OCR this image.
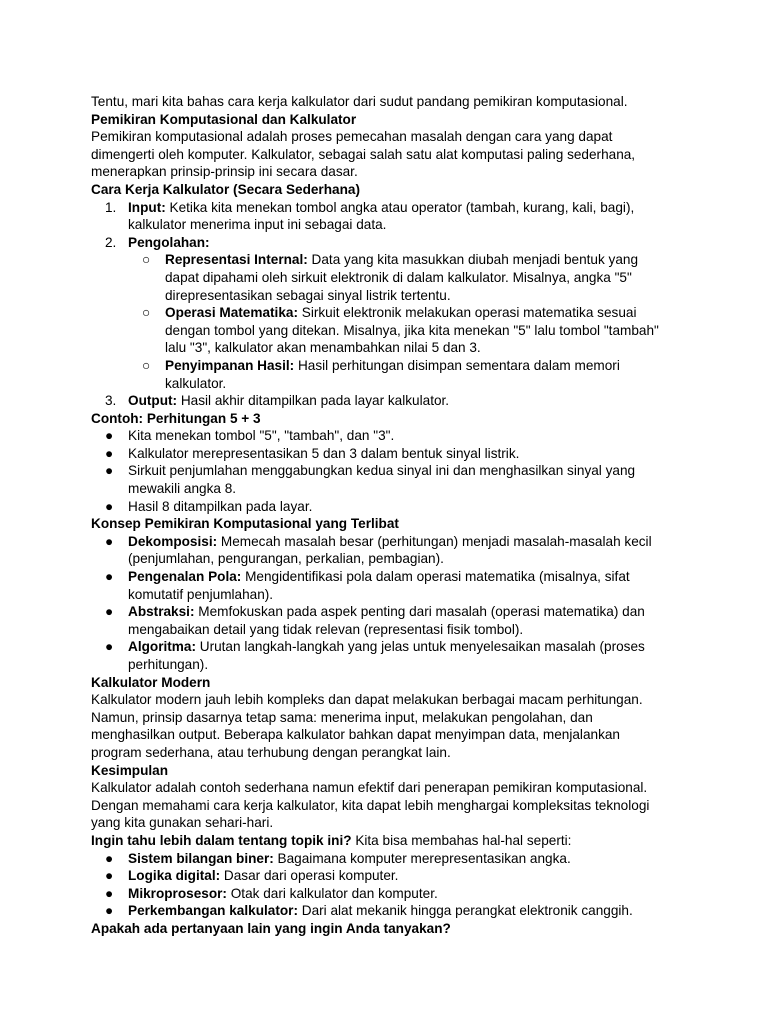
Tentu, mari kita bahas cara kerja kalkulator dari sudut pandang pemikiran komputasional.

Pemikiran Komputasional dan Kalkulator

Pemikiran komputasional adalah proses pemecahan masalah dengan cara yang dapat

dimengerti oleh komputer. Kalkulator, sebagai salah satu alat komputasi paling sederhana,

menerapkan prinsip-prinsip ini secara dasar.

Cara Kerja Kalkulator (Secara Sederhana)

1. Input: Ketika kita menekan tombol angka atau operator (tambah, kurang, kali, bagi),

kalkulator menerima input ini sebagai data.

2. Pengolahan:

○ Representasi Internal: Data yang kita masukkan diubah menjadi bentuk yang

dapat dipahami oleh sirkuit elektronik di dalam kalkulator. Misalnya, angka "5"

direpresentasikan sebagai sinyal listrik tertentu.

○ Operasi Matematika: Sirkuit elektronik melakukan operasi matematika sesuai

dengan tombol yang ditekan. Misalnya, jika kita menekan "5" lalu tombol "tambah"

lalu "3", kalkulator akan menambahkan nilai 5 dan 3.

○ Penyimpanan Hasil: Hasil perhitungan disimpan sementara dalam memori

kalkulator.

3. Output: Hasil akhir ditampilkan pada layar kalkulator.

Contoh: Perhitungan 5 + 3

● Kita menekan tombol "5", "tambah", dan "3".

● Kalkulator merepresentasikan 5 dan 3 dalam bentuk sinyal listrik.

● Sirkuit penjumlahan menggabungkan kedua sinyal ini dan menghasilkan sinyal yang

mewakili angka 8.

● Hasil 8 ditampilkan pada layar.

Konsep Pemikiran Komputasional yang Terlibat

● Dekomposisi: Memecah masalah besar (perhitungan) menjadi masalah-masalah kecil

(penjumlahan, pengurangan, perkalian, pembagian).

● Pengenalan Pola: Mengidentifikasi pola dalam operasi matematika (misalnya, sifat

komutatif penjumlahan).

● Abstraksi: Memfokuskan pada aspek penting dari masalah (operasi matematika) dan

mengabaikan detail yang tidak relevan (representasi fisik tombol).

● Algoritma: Urutan langkah-langkah yang jelas untuk menyelesaikan masalah (proses

perhitungan).

Kalkulator Modern

Kalkulator modern jauh lebih kompleks dan dapat melakukan berbagai macam perhitungan.

Namun, prinsip dasarnya tetap sama: menerima input, melakukan pengolahan, dan

menghasilkan output. Beberapa kalkulator bahkan dapat menyimpan data, menjalankan

program sederhana, atau terhubung dengan perangkat lain.

Kesimpulan

Kalkulator adalah contoh sederhana namun efektif dari penerapan pemikiran komputasional.

Dengan memahami cara kerja kalkulator, kita dapat lebih menghargai kompleksitas teknologi

yang kita gunakan sehari-hari.

Ingin tahu lebih dalam tentang topik ini? Kita bisa membahas hal-hal seperti:

● Sistem bilangan biner: Bagaimana komputer merepresentasikan angka.

● Logika digital: Dasar dari operasi komputer.

● Mikroprosesor: Otak dari kalkulator dan komputer.

● Perkembangan kalkulator: Dari alat mekanik hingga perangkat elektronik canggih.

Apakah ada pertanyaan lain yang ingin Anda tanyakan?
